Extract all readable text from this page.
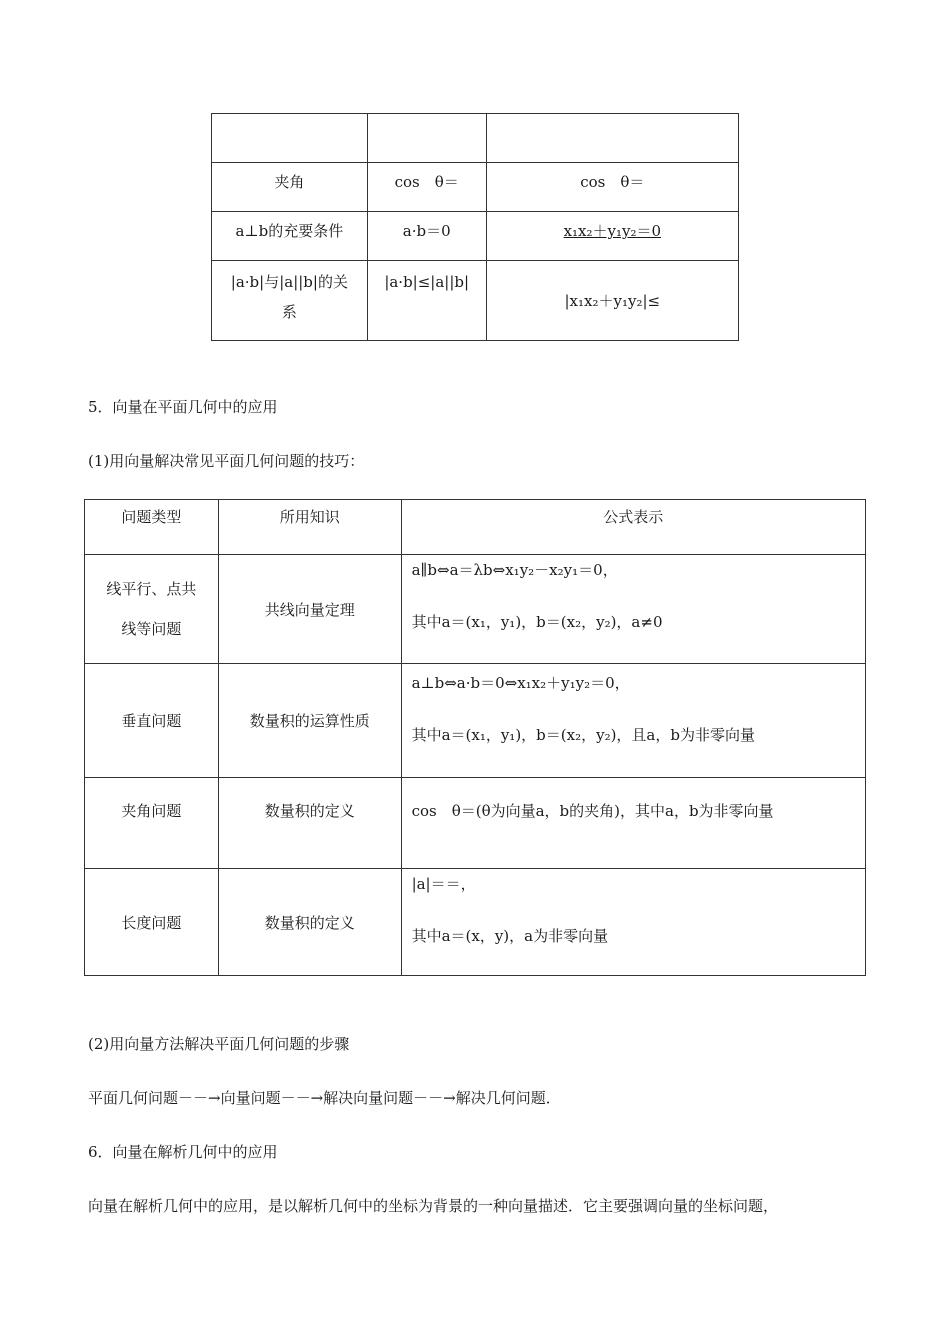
夹角	cos　θ＝	cos　θ＝
a⊥b的充要条件	a·b＝0	x₁x₂＋y₁y₂＝0
|a·b|与|a||b|的关系	|a·b|≤|a||b|	|x₁x₂＋y₁y₂|≤
5．向量在平面几何中的应用
(1)用向量解决常见平面几何问题的技巧：
问题类型	所用知识	公式表示

线平行、点共
线等问题	共线向量定理	a∥b⇔a＝λb⇔x₁y₂－x₂y₁＝0，
其中a＝(x₁，y₁)，b＝(x₂，y₂)，a≠0

垂直问题	数量积的运算性质	a⊥b⇔a·b＝0⇔x₁x₂＋y₁y₂＝0，
其中a＝(x₁，y₁)，b＝(x₂，y₂)，且a，b为非零向量

夹角问题	数量积的定义	cos　θ＝(θ为向量a，b的夹角)，其中a，b为非零向量
长度问题	数量积的定义	|a|＝＝，
其中a＝(x，y)，a为非零向量
(2)用向量方法解决平面几何问题的步骤
平面几何问题－－→向量问题－－→解决向量问题－－→解决几何问题．
6．向量在解析几何中的应用
向量在解析几何中的应用，是以解析几何中的坐标为背景的一种向量描述．它主要强调向量的坐标问题，
